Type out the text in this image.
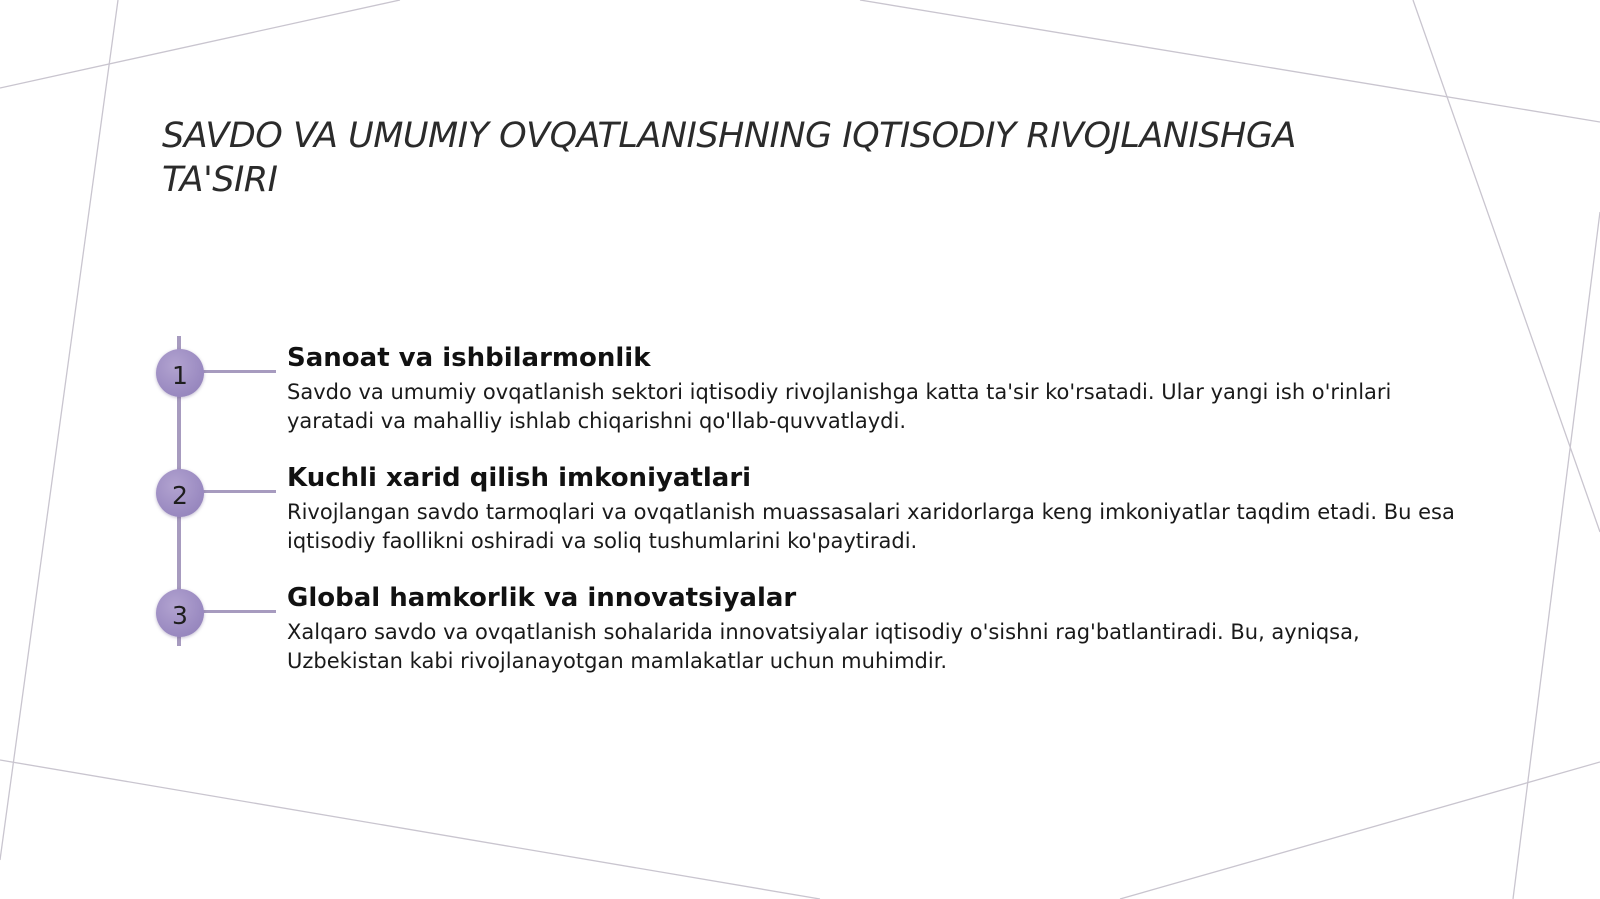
SAVDO VA UMUMIY OVQATLANISHNING IQTISODIY RIVOJLANISHGA TA'SIRI
1
Sanoat va ishbilarmonlik

Savdo va umumiy ovqatlanish sektori iqtisodiy rivojlanishga katta ta'sir ko'rsatadi. Ular yangi ish o'rinlari yaratadi va mahalliy ishlab chiqarishni qo'llab-quvvatlaydi.

2
Kuchli xarid qilish imkoniyatlari

Rivojlangan savdo tarmoqlari va ovqatlanish muassasalari xaridorlarga keng imkoniyatlar taqdim etadi. Bu esa iqtisodiy faollikni oshiradi va soliq tushumlarini ko'paytiradi.

3
Global hamkorlik va innovatsiyalar

Xalqaro savdo va ovqatlanish sohalarida innovatsiyalar iqtisodiy o'sishni rag'batlantiradi. Bu, ayniqsa, Uzbekistan kabi rivojlanayotgan mamlakatlar uchun muhimdir.
